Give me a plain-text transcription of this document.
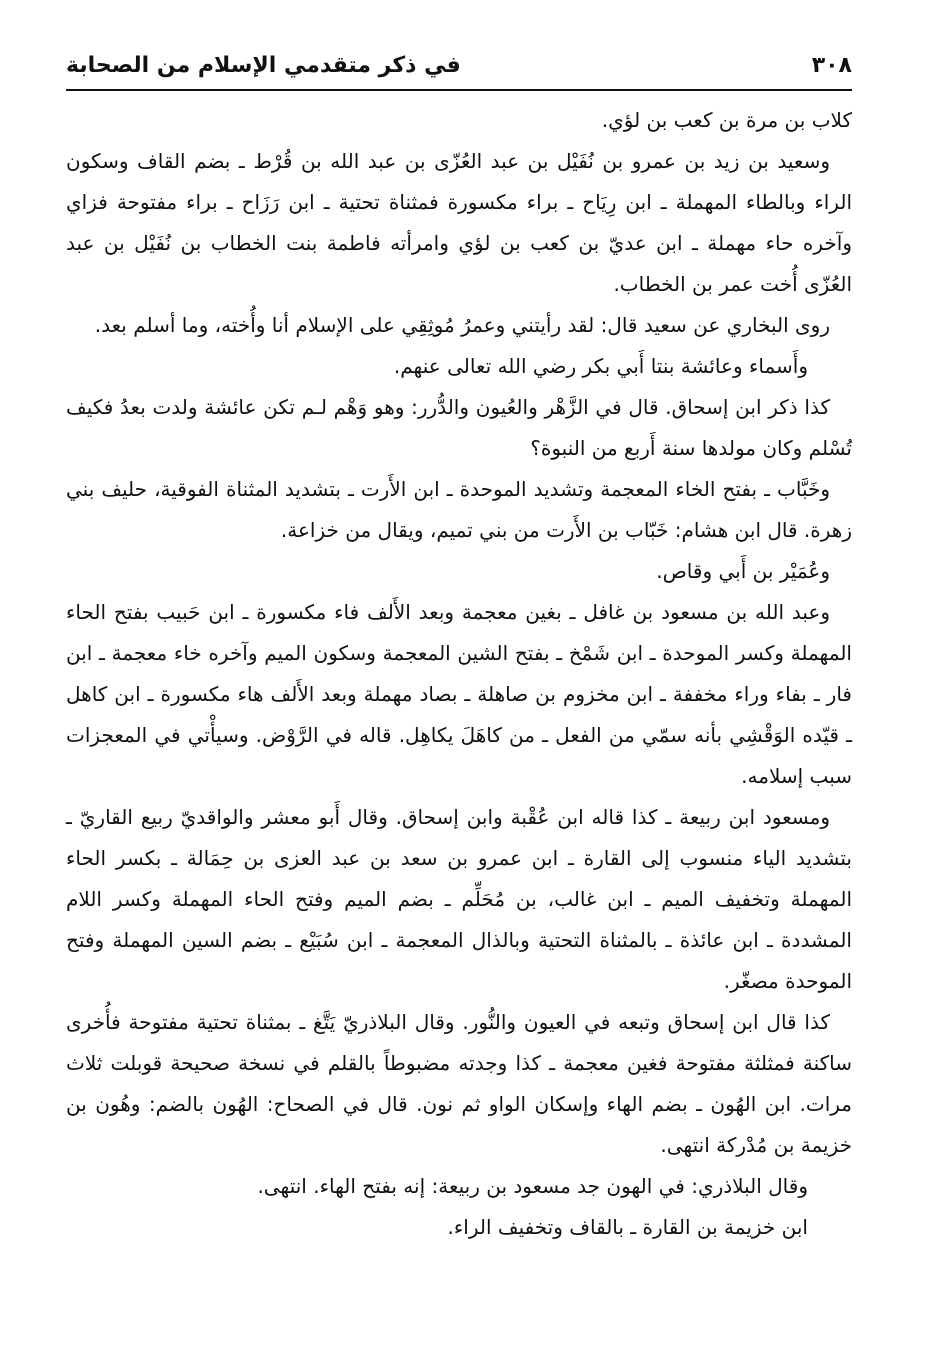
٣٠٨
في ذكر متقدمي الإسلام من الصحابة

كلاب بن مرة بن كعب بن لؤي.

وسعيد بن زيد بن عمرو بن نُفَيْل بن عبد العُزّى بن عبد الله بن قُرْط ـ بضم القاف وسكون الراء وبالطاء المهملة ـ ابن رِيَاح ـ براء مكسورة فمثناة تحتية ـ ابن رَزَاح ـ براء مفتوحة فزاي وآخره حاء مهملة ـ ابن عديّ بن كعب بن لؤي وامرأته فاطمة بنت الخطاب بن نُفَيْل بن عبد العُزّى أُخت عمر بن الخطاب.

روى البخاري عن سعيد قال: لقد رأيتني وعمرُ مُوثِقِي على الإسلام أنا وأُخته، وما أسلم بعد.

وأَسماء وعائشة بنتا أَبي بكر رضي الله تعالى عنهم.

كذا ذكر ابن إسحاق. قال في الزَّهْر والعُيون والدُّرر: وهو وَهْم لـم تكن عائشة ولدت بعدُ فكيف تُسْلم وكان مولدها سنة أَربع من النبوة؟

وخَبَّاب ـ بفتح الخاء المعجمة وتشديد الموحدة ـ ابن الأَرت ـ بتشديد المثناة الفوقية، حليف بني زهرة. قال ابن هشام: خَبّاب بن الأَرت من بني تميم، ويقال من خزاعة.

وعُمَيْر بن أَبي وقاص.

وعبد الله بن مسعود بن غافل ـ بغين معجمة وبعد الأَلف فاء مكسورة ـ ابن حَبيب بفتح الحاء المهملة وكسر الموحدة ـ ابن شَمْخ ـ بفتح الشين المعجمة وسكون الميم وآخره خاء معجمة ـ ابن فار ـ بفاء وراء مخففة ـ ابن مخزوم بن صاهلة ـ بصاد مهملة وبعد الأَلف هاء مكسورة ـ ابن كاهل ـ قيّده الوَقْشِي بأنه سمّي من الفعل ـ من كاهَلَ يكاهِل. قاله في الرَّوْض. وسيأْتي في المعجزات سبب إسلامه.

ومسعود ابن ربيعة ـ كذا قاله ابن عُقْبة وابن إسحاق. وقال أَبو معشر والواقديّ ربيع القاريّ ـ بتشديد الياء منسوب إلى القارة ـ ابن عمرو بن سعد بن عبد العزى بن حِمَالة ـ بكسر الحاء المهملة وتخفيف الميم ـ ابن غالب، بن مُحَلِّم ـ بضم الميم وفتح الحاء المهملة وكسر اللام المشددة ـ ابن عائذة ـ بالمثناة التحتية وبالذال المعجمة ـ ابن سُبَيْع ـ بضم السين المهملة وفتح الموحدة مصغّر.

كذا قال ابن إسحاق وتبعه في العيون والنُّور. وقال البلاذريّ يَتَّغ ـ بمثناة تحتية مفتوحة فأُخرى ساكنة فمثلثة مفتوحة فغين معجمة ـ كذا وجدته مضبوطاً بالقلم في نسخة صحيحة قوبلت ثلاث مرات. ابن الهُون ـ بضم الهاء وإسكان الواو ثم نون. قال في الصحاح: الهُون بالضم: وهُون بن خزيمة بن مُدْركة انتهى.

وقال البلاذري: في الهون جد مسعود بن ربيعة: إنه بفتح الهاء. انتهى.

ابن خزيمة بن القارة ـ بالقاف وتخفيف الراء.
